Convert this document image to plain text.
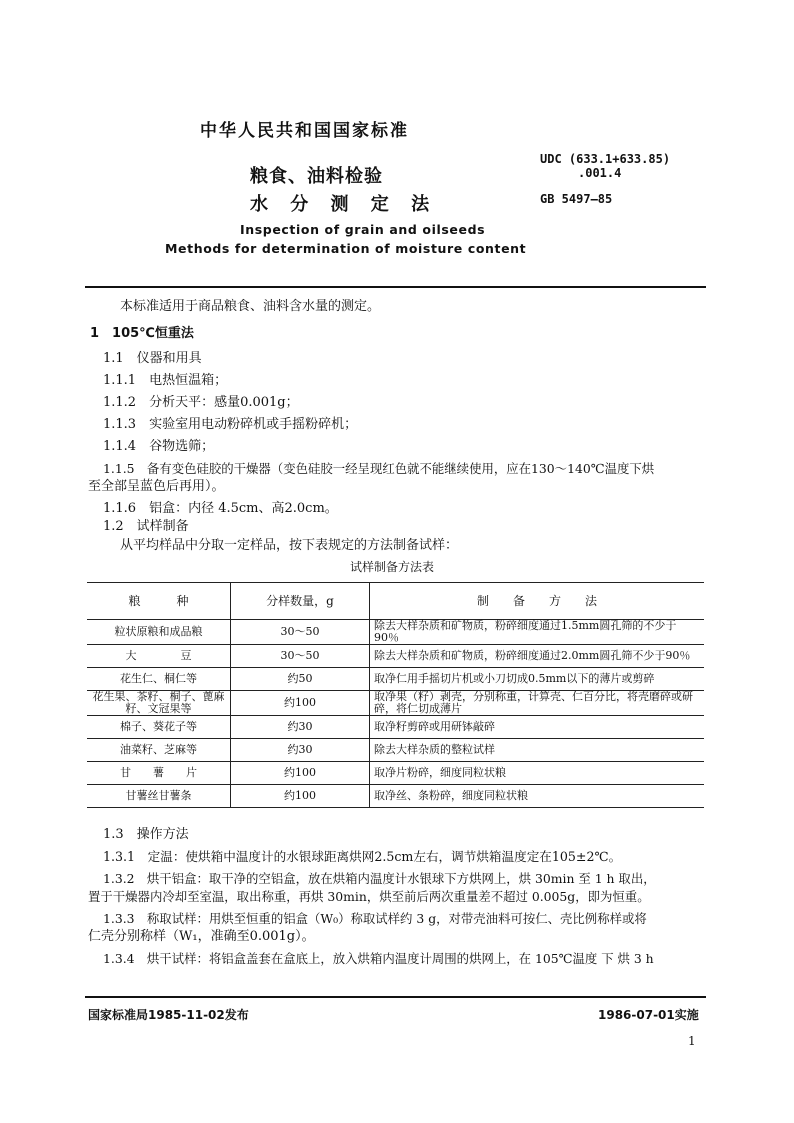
中华人民共和国国家标准
粮食、油料检验
水 分 测 定 法
Inspection of grain and oilseeds
Methods for determination of moisture content
UDC (633.1+633.85)
.001.4
GB 5497—85
本标准适用于商品粮食、油料含水量的测定。
1　105℃恒重法
1.1　仪器和用具
1.1.1　电热恒温箱；
1.1.2　分析天平：感量0.001g；
1.1.3　实验室用电动粉碎机或手摇粉碎机；
1.1.4　谷物选筛；
1.1.5　备有变色硅胶的干燥器（变色硅胶一经呈现红色就不能继续使用，应在130～140℃温度下烘
至全部呈蓝色后再用）。
1.1.6　铝盒：内径 4.5cm、高2.0cm。
1.2　试样制备
从平均样品中分取一定样品，按下表规定的方法制备试样：
试样制备方法表
粮　　　种	分样数量，g	制　　备　　方　　法
粒状原粮和成品粮	30～50	除去大样杂质和矿物质，粉碎细度通过1.5mm圆孔筛的不少于90％
大　　　　豆	30～50	除去大样杂质和矿物质，粉碎细度通过2.0mm圆孔筛不少于90％
花生仁、桐仁等	约50	取净仁用手摇切片机或小刀切成0.5mm以下的薄片或剪碎
花生果、茶籽、桐子、蓖麻籽、文冠果等	约100	取净果（籽）剥壳，分别称重，计算壳、仁百分比，将壳磨碎或研碎，将仁切成薄片
棉子、葵花子等	约30	取净籽剪碎或用研钵敲碎
油菜籽、芝麻等	约30	除去大样杂质的整粒试样
甘　　薯　　片	约100	取净片粉碎，细度同粒状粮
甘薯丝甘薯条	约100	取净丝、条粉碎，细度同粒状粮
1.3　操作方法
1.3.1　定温：使烘箱中温度计的水银球距离烘网2.5cm左右，调节烘箱温度定在105±2℃。
1.3.2　烘干铝盒：取干净的空铝盒，放在烘箱内温度计水银球下方烘网上，烘 30min 至 1 h 取出，
置于干燥器内冷却至室温，取出称重，再烘 30min，烘至前后两次重量差不超过 0.005g，即为恒重。
1.3.3　称取试样：用烘至恒重的铝盒（W₀）称取试样约 3 g，对带壳油料可按仁、壳比例称样或将
仁壳分别称样（W₁，准确至0.001g）。
1.3.4　烘干试样：将铝盒盖套在盒底上，放入烘箱内温度计周围的烘网上，在 105℃温度 下 烘 3 h
国家标准局1985-11-02发布	1986-07-01实施
1
